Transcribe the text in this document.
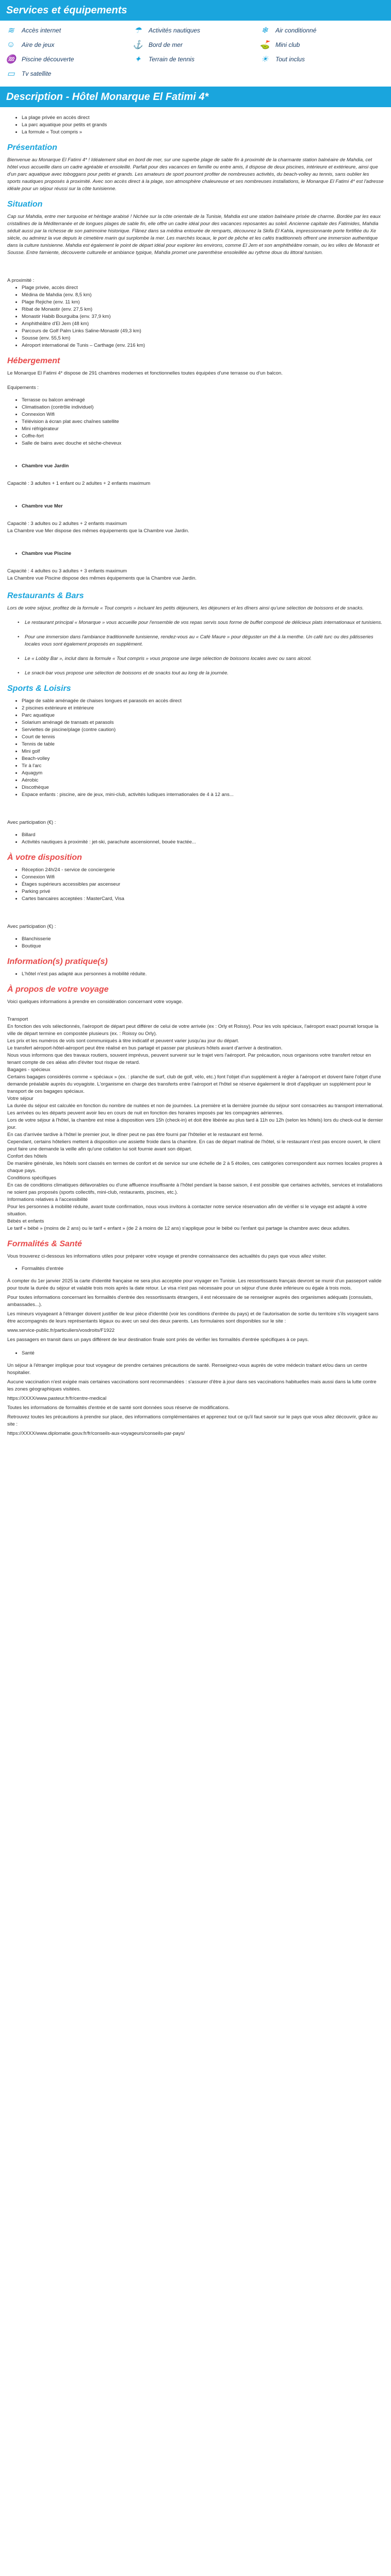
Services et équipements
≋	Accès internet	☂	Activités nautiques	❄	Air conditionné
☺ Aire de jeux	⚓ Bord de mer	⛳ Mini club
♒ Piscine découverte	✦	Terrain de tennis	☀	Tout inclus
▭ Tv satellite
Description - Hôtel Monarque El Fatimi 4*
• La plage privée en accès direct
• La parc aquatique pour petits et grands
• La formule « Tout compris »
Présentation

Bienvenue au Monarque El Fatimi 4* ! Idéalement situé en bord de mer, sur une superbe plage de sable fin à proximité de la charmante station balnéaire de Mahdia, cet hôtel vous accueille dans un cadre agréable et ensoleillé. Parfait pour des vacances en famille ou entre amis, il dispose de deux piscines, intérieure et extérieure, ainsi que d'un parc aquatique avec toboggans pour petits et grands. Les amateurs de sport pourront profiter de nombreuses activités, du beach-volley au tennis, sans oublier les sports nautiques proposés à proximité. Avec son accès direct à la plage, son atmosphère chaleureuse et ses nombreuses installations, le Monarque El Fatimi 4* est l'adresse idéale pour un séjour réussi sur la côte tunisienne.

Situation

Cap sur Mahdia, entre mer turquoise et héritage arabisé ! Nichée sur la côte orientale de la Tunisie, Mahdia est une station balnéaire prisée de charme. Bordée par les eaux cristallines de la Méditerranée et de longues plages de sable fin, elle offre un cadre idéal pour des vacances reposantes au soleil. Ancienne capitale des Fatimides, Mahdia séduit aussi par la richesse de son patrimoine historique. Flânez dans sa médina entourée de remparts, découvrez la Skifa El Kahla, impressionnante porte fortifiée du Xe siècle, ou admirez la vue depuis le cimetière marin qui surplombe la mer. Les marchés locaux, le port de pêche et les cafés traditionnels offrent une immersion authentique dans la culture tunisienne. Mahdia est également le point de départ idéal pour explorer les environs, comme El Jem et son amphithéâtre romain, ou les villes de Monastir et Sousse. Entre farniente, découverte culturelle et ambiance typique, Mahdia promet une parenthèse ensoleillée au rythme doux du littoral tunisien.

A proximité :
• Plage privée, accès direct
• Médina de Mahdia (env. 8,5 km)
• Plage Rejiche (env. 11 km)
• Ribat de Monastir (env. 27,5 km)
• Monastir Habib Bourguiba (env. 37,9 km)
• Amphithéâtre d'El Jem (48 km)
• Parcours de Golf Palm Links Saline-Monastir (49,3 km)
• Sousse (env. 55,5 km)
• Aéroport international de Tunis – Carthage (env. 216 km)
Hébergement

Le Monarque El Fatimi 4* dispose de 291 chambres modernes et fonctionnelles toutes équipées d'une terrasse ou d'un balcon.

Equipements :
• Terrasse ou balcon aménagé
• Climatisation (contrôle individuel)
• Connexion Wifi
• Télévision à écran plat avec chaînes satellite
• Mini réfrigérateur
• Coffre-fort
• Salle de bains avec douche et sèche-cheveux
• Chambre vue Jardin
Capacité : 3 adultes + 1 enfant ou 2 adultes + 2 enfants maximum
• Chambre vue Mer
Capacité : 3 adultes ou 2 adultes + 2 enfants maximum
La Chambre vue Mer dispose des mêmes équipements que la Chambre vue Jardin.
• Chambre vue Piscine
Capacité : 4 adultes ou 3 adultes + 3 enfants maximum
La Chambre vue Piscine dispose des mêmes équipements que la Chambre vue Jardin.
Restaurants & Bars

Lors de votre séjour, profitez de la formule « Tout compris » incluant les petits déjeuners, les déjeuners et les dîners ainsi qu'une sélection de boissons et de snacks.

•	Le restaurant principal « Monarque » vous accueille pour l'ensemble de vos repas servis sous forme de buffet composé de délicieux plats internationaux et tunisiens.
•	Pour une immersion dans l'ambiance traditionnelle tunisienne, rendez-vous au « Café Maure » pour déguster un thé à la menthe. Un café turc ou des pâtisseries locales vous sont également proposés en supplément.
•	Le « Lobby Bar », inclut dans la formule « Tout compris » vous propose une large sélection de boissons locales avec ou sans alcool.
•	Le snack-bar vous propose une sélection de boissons et de snacks tout au long de la journée.
Sports & Loisirs
• Plage de sable aménagée de chaises longues et parasols en accès direct
• 2 piscines extérieure et intérieure
• Parc aquatique
• Solarium aménagé de transats et parasols
• Serviettes de piscine/plage (contre caution)
• Court de tennis
• Tennis de table
• Mini golf
• Beach-volley
• Tir à l'arc
• Aquagym
• Aérobic
• Discothèque
• Espace enfants : piscine, aire de jeux, mini-club, activités ludiques internationales de 4 à 12 ans...
Avec participation (€) :
• Billard
• Activités nautiques à proximité : jet-ski, parachute ascensionnel, bouée tractée...
À votre disposition
• Réception 24h/24 - service de conciergerie
• Connexion Wifi
• Étages supérieurs accessibles par ascenseur
• Parking privé
• Cartes bancaires acceptées : MasterCard, Visa
Avec participation (€) :
• Blanchisserie
• Boutique
Information(s) pratique(s)
• L'hôtel n'est pas adapté aux personnes à mobilité réduite.
À propos de votre voyage

Voici quelques informations à prendre en considération concernant votre voyage.

Transport
En fonction des vols sélectionnés, l'aéroport de départ peut différer de celui de votre arrivée (ex : Orly et Roissy). Pour les vols spéciaux, l'aéroport exact pourrait lorsque la ville de départ termine en compostée plusieurs (ex. : Roissy ou Orly).
Les prix et les numéros de vols sont communiqués à titre indicatif et peuvent varier jusqu'au jour du départ.
Le transfert aéroport-hôtel-aéroport peut être réalisé en bus partagé et passer par plusieurs hôtels avant d'arriver à destination.
Nous vous informons que des travaux routiers, souvent imprévus, peuvent survenir sur le trajet vers l'aéroport. Par précaution, nous organisons votre transfert retour en tenant compte de ces aléas afin d'éviter tout risque de retard.
Bagages - spécieux
Certains bagages considérés comme « spéciaux » (ex. : planche de surf, club de golf, vélo, etc.) font l'objet d'un supplément à régler à l'aéroport et doivent faire l'objet d'une demande préalable auprès du voyagiste. L'organisme en charge des transferts entre l'aéroport et l'hôtel se réserve également le droit d'appliquer un supplément pour le transport de ces bagages spéciaux.
Votre séjour
La durée du séjour est calculée en fonction du nombre de nuitées et non de journées. La première et la dernière journée du séjour sont consacrées au transport international.
Les arrivées ou les départs peuvent avoir lieu en cours de nuit en fonction des horaires imposés par les compagnies aériennes.
Lors de votre séjour à l'hôtel, la chambre est mise à disposition vers 15h (check-in) et doit être libérée au plus tard à 11h ou 12h (selon les hôtels) lors du check-out le dernier jour.
En cas d'arrivée tardive à l'hôtel le premier jour, le dîner peut ne pas être fourni par l'hôtelier et le restaurant est fermé.
Cependant, certains hôteliers mettent à disposition une assiette froide dans la chambre. En cas de départ matinal de l'hôtel, si le restaurant n'est pas encore ouvert, le client peut faire une demande la veille afin qu'une collation lui soit fournie avant son départ.
Confort des hôtels
De manière générale, les hôtels sont classés en termes de confort et de service sur une échelle de 2 à 5 étoiles, ces catégories correspondent aux normes locales propres à chaque pays.
Conditions spécifiques
En cas de conditions climatiques défavorables ou d'une affluence insuffisante à l'hôtel pendant la basse saison, il est possible que certaines activités, services et installations ne soient pas proposés (sports collectifs, mini-club, restaurants, piscines, etc.).
Informations relatives à l'accessibilité
Pour les personnes à mobilité réduite, avant toute confirmation, nous vous invitons à contacter notre service réservation afin de vérifier si le voyage est adapté à votre situation.
Bébés et enfants
Le tarif « bébé » (moins de 2 ans) ou le tarif « enfant » (de 2 à moins de 12 ans) s'applique pour le bébé ou l'enfant qui partage la chambre avec deux adultes.
Formalités & Santé

Vous trouverez ci-dessous les informations utiles pour préparer votre voyage et prendre connaissance des actualités du pays que vous allez visiter.

• Formalités d'entrée
À compter du 1er janvier 2025 la carte d'identité française ne sera plus acceptée pour voyager en Tunisie. Les ressortissants français devront se munir d'un passeport valide pour toute la durée du séjour et valable trois mois après la date retour. Le visa n'est pas nécessaire pour un séjour d'une durée inférieure ou égale à trois mois.
Pour toutes informations concernant les formalités d'entrée des ressortissants étrangers, il est nécessaire de se renseigner auprès des organismes adéquats (consulats, ambassades...).
Les mineurs voyageant à l'étranger doivent justifier de leur pièce d'identité (voir les conditions d'entrée du pays) et de l'autorisation de sortie du territoire s'ils voyagent sans être accompagnés de leurs représentants légaux ou avec un seul des deux parents. Les formulaires sont disponibles sur le site :
www.service-public.fr/particuliers/vosdroits/F1922
Les passagers en transit dans un pays différent de leur destination finale sont priés de vérifier les formalités d'entrée spécifiques à ce pays.
• Santé
Un séjour à l'étranger implique pour tout voyageur de prendre certaines précautions de santé. Renseignez-vous auprès de votre médecin traitant et/ou dans un centre hospitalier.
Aucune vaccination n'est exigée mais certaines vaccinations sont recommandées : s'assurer d'être à jour dans ses vaccinations habituelles mais aussi dans la lutte contre les zones géographiques visitées.
https://XXXX/www.pasteur.fr/fr/centre-medical
Toutes les informations de formalités d'entrée et de santé sont données sous réserve de modifications.
Retrouvez toutes les précautions à prendre sur place, des informations complémentaires et apprenez tout ce qu'il faut savoir sur le pays que vous allez découvrir, grâce au site :
https://XXXX/www.diplomatie.gouv.fr/fr/conseils-aux-voyageurs/conseils-par-pays/
